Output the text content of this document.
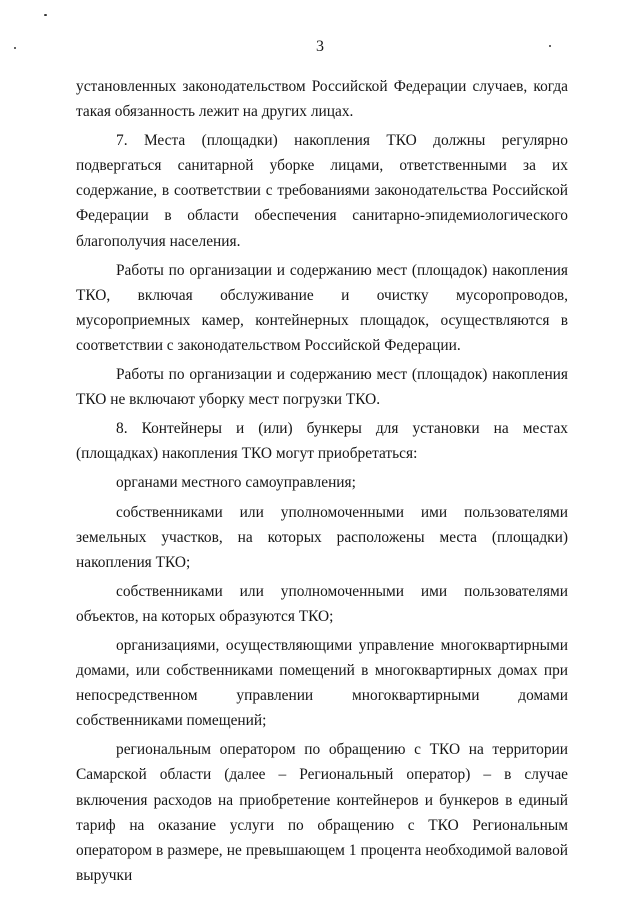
3

установленных законодательством Российской Федерации случаев, когда такая обязанность лежит на других лицах.

7. Места (площадки) накопления ТКО должны регулярно подвергаться санитарной уборке лицами, ответственными за их содержание, в соответствии с требованиями законодательства Российской Федерации в области обеспечения санитарно-эпидемиологического благополучия населения.

Работы по организации и содержанию мест (площадок) накопления ТКО, включая обслуживание и очистку мусоропроводов, мусороприемных камер, контейнерных площадок, осуществляются в соответствии с законодательством Российской Федерации.

Работы по организации и содержанию мест (площадок) накопления ТКО не включают уборку мест погрузки ТКО.

8. Контейнеры и (или) бункеры для установки на местах (площадках) накопления ТКО могут приобретаться:

органами местного самоуправления;

собственниками или уполномоченными ими пользователями земельных участков, на которых расположены места (площадки) накопления ТКО;

собственниками или уполномоченными ими пользователями объектов, на которых образуются ТКО;

организациями, осуществляющими управление многоквартирными домами, или собственниками помещений в многоквартирных домах при непосредственном управлении многоквартирными домами собственниками помещений;

региональным оператором по обращению с ТКО на территории Самарской области (далее – Региональный оператор) – в случае включения расходов на приобретение контейнеров и бункеров в единый тариф на оказание услуги по обращению с ТКО Региональным оператором в размере, не превышающем 1 процента необходимой валовой выручки
